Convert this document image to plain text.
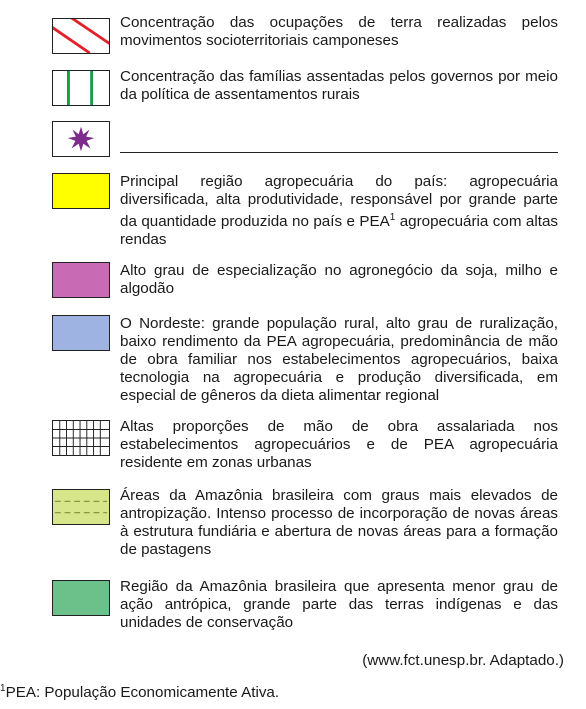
Concentração das ocupações de terra realizadas pelos movimentos socioterritoriais camponeses
Concentração das famílias assentadas pelos governos por meio da política de assentamentos rurais
Principal região agropecuária do país: agropecuária diversificada, alta produtividade, responsável por grande parte da quantidade produzida no país e PEA$^1$ agropecuária com altas rendas
Alto grau de especialização no agronegócio da soja, milho e algodão
O Nordeste: grande população rural, alto grau de ruralização, baixo rendimento da PEA agropecuária, predominância de mão de obra familiar nos estabelecimentos agropecuários, baixa tecnologia na agropecuária e produção diversificada, em especial de gêneros da dieta alimentar regional
Altas proporções de mão de obra assalariada nos estabelecimentos agropecuários e de PEA agropecuária residente em zonas urbanas
Áreas da Amazônia brasileira com graus mais elevados de antropização. Intenso processo de incorporação de novas áreas à estrutura fundiária e abertura de novas áreas para a formação de pastagens
Região da Amazônia brasileira que apresenta menor grau de ação antrópica, grande parte das terras indígenas e das unidades de conservação
(www.fct.unesp.br. Adaptado.)
$^1$PEA: População Economicamente Ativa.
